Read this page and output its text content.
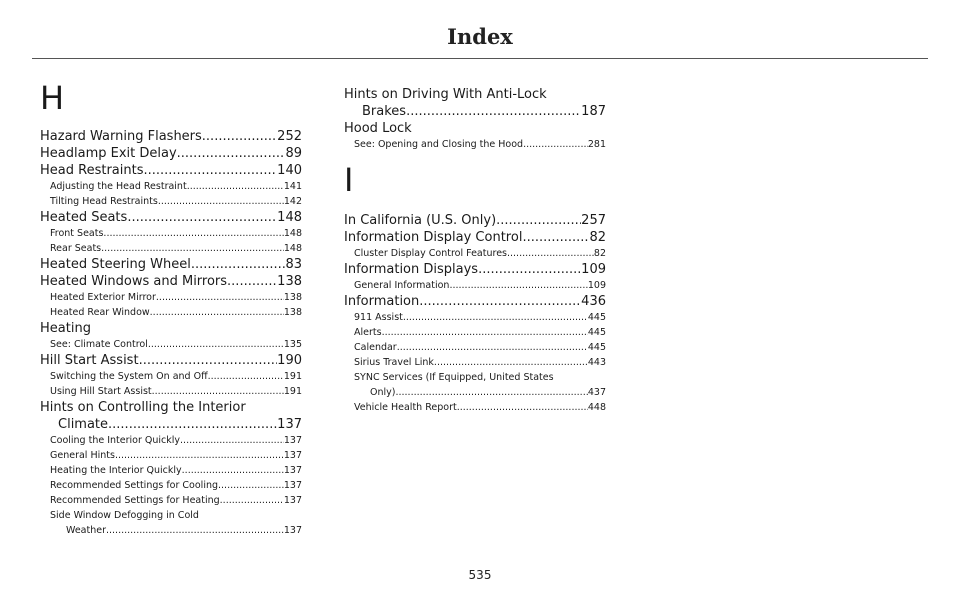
Index
H
Hazard Warning Flashers .....	252
Headlamp Exit Delay .....	89
Head Restraints .....	140
Adjusting the Head Restraint .....	141
Tilting Head Restraints .....	142
Heated Seats .....	148
Front Seats .....	148
Rear Seats .....	148
Heated Steering Wheel .....	83
Heated Windows and Mirrors .....	138
Heated Exterior Mirror .....	138
Heated Rear Window .....	138
Heating
See: Climate Control .....	135
Hill Start Assist .....	190
Switching the System On and Off .....	191
Using Hill Start Assist .....	191
Hints on Controlling the Interior
Climate .....	137
Cooling the Interior Quickly .....	137
General Hints .....	137
Heating the Interior Quickly .....	137
Recommended Settings for Cooling .....	137
Recommended Settings for Heating .....	137
Side Window Defogging in Cold
Weather .....	137
Hints on Driving With Anti-Lock
Brakes .....	187
Hood Lock
See: Opening and Closing the Hood .....	281
I
In California (U.S. Only) .....	257
Information Display Control .....	82
Cluster Display Control Features .....	82
Information Displays .....	109
General Information .....	109
Information .....	436
911 Assist .....	445
Alerts .....	445
Calendar .....	445
Sirius Travel Link .....	443
SYNC Services (If Equipped, United States
Only) .....	437
Vehicle Health Report .....	448
535
